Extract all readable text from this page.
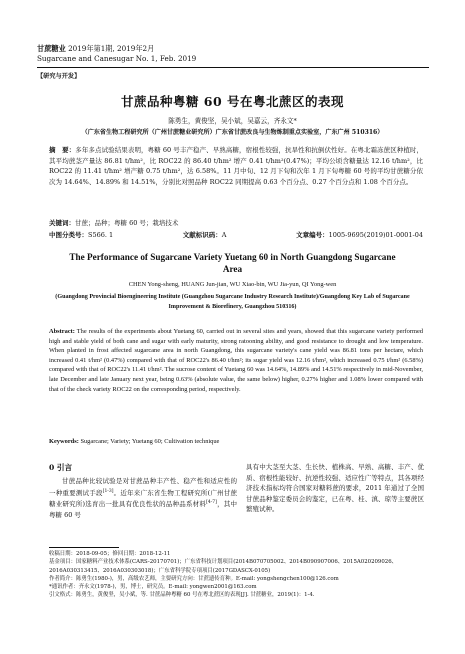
甘蔗糖业 2019年第1期, 2019年2月
Sugarcane and Canesugar No. 1, Feb. 2019
【研究与开发】
甘蔗品种粤糖 60 号在粤北蔗区的表现
陈勇生，黄俊坚，吴小斌，吴嘉云，齐永文*
（广东省生物工程研究所（广州甘蔗糖业研究所）广东省甘蔗改良与生物炼制重点实验室，广东广州 510316）
摘　要：多年多点试验结果表明，粤糖 60 号丰产稳产、早熟高糖，宿根性较强，抗旱性和抗倒伏性好。在粤北霜冻蔗区种植时，其平均蔗茎产量达 86.81 t/hm²，比 ROC22 的 86.40 t/hm² 增产 0.41 t/hm²(0.47%)；平均公顷含糖量达 12.16 t/hm²，比 ROC22 的 11.41 t/hm² 增产糖 0.75 t/hm²，达 6.58%。11 月中旬、12 月下旬和次年 1 月下旬粤糖 60 号的平均甘蔗糖分依次为 14.64%、14.89% 和 14.51%，分别比对照品种 ROC22 同期提高 0.63 个百分点、0.27 个百分点和 1.08 个百分点。
关键词：甘蔗；品种；粤糖 60 号；栽培技术
中图分类号：S566. 1	文献标识码：A	文章编号：1005-9695(2019)01-0001-04
The Performance of Sugarcane Variety Yuetang 60 in North Guangdong Sugarcane Area
CHEN Yong-sheng, HUANG Jun-jian, WU Xiao-bin, WU Jia-yun, QI Yong-wen
(Guangdong Provincial Bioengineering Institute (Guangzhou Sugarcane Industry Research Institute)/Guangdong Key Lab of Sugarcane Improvement & Biorefinery, Guangzhou 510316)
Abstract: The results of the experiments about Yuetang 60, carried out in several sites and years, showed that this sugarcane variety performed high and stable yield of both cane and sugar with early maturity, strong ratooning ability, and good resistance to drought and low temperature. When planted in frost affected sugarcane area in north Guangdong, this sugarcane variety's cane yield was 86.81 tons per hectare, which increased 0.41 t/hm² (0.47%) compared with that of ROC22's 86.40 t/hm²; its sugar yield was 12.16 t/hm², which increased 0.75 t/hm² (6.58%) compared with that of ROC22's 11.41 t/hm². The sucrose content of Yuetang 60 was 14.64%, 14.89% and 14.51% respectively in mid-November, late December and late January next year, being 0.63% (absolute value, the same below) higher, 0.27% higher and 1.08% lower compared with that of the check variety ROC22 on the corresponding period, respectively.
Keywords: Sugarcane; Variety; Yuetang 60; Cultivation technique
0 引言
甘蔗品种比较试验是对甘蔗品种丰产性、稳产性和适应性的一种重要测试手段[1-3]。近年来广东省生物工程研究所(广州甘蔗糖业研究所)选育出一批具有优良性状的品种品系材料[4-7]，其中粤糖 60 号
具有中大茎至大茎、生长快、植株高、早熟、高糖、丰产、优质、宿根性能较好、抗逆性较强、适应性广等特点，其各项经济技术指标均符合国家对糖料蔗的要求，2011 年通过了全国甘蔗品种鉴定委员会的鉴定，已在粤、桂、滇、琼等主要蔗区繁殖试种。
收稿日期：2018-09-05；修回日期：2018-12-11
基金项目：国家糖料产业技术体系(CARS-20170701)；广东省科技计划项目(2014B070705002、2014B090907006、2015A020209026、2016A030313415、2016A030303018)；广东省科学院专项项目(2017GDASCX-0105)
作者简介：陈勇生(1980-)，男，高级农艺师，主要研究方向：甘蔗遗传育种。E-mail: yongshengchen100@126.com
*通讯作者：齐永文(1978-)，男，博士，研究员。E-mail: yongwen2001@163.com
引文格式：陈勇生，黄俊坚，吴小斌，等. 甘蔗品种粤糖 60 号在粤北蔗区的表现[J]. 甘蔗糖业，2019(1)：1-4.
